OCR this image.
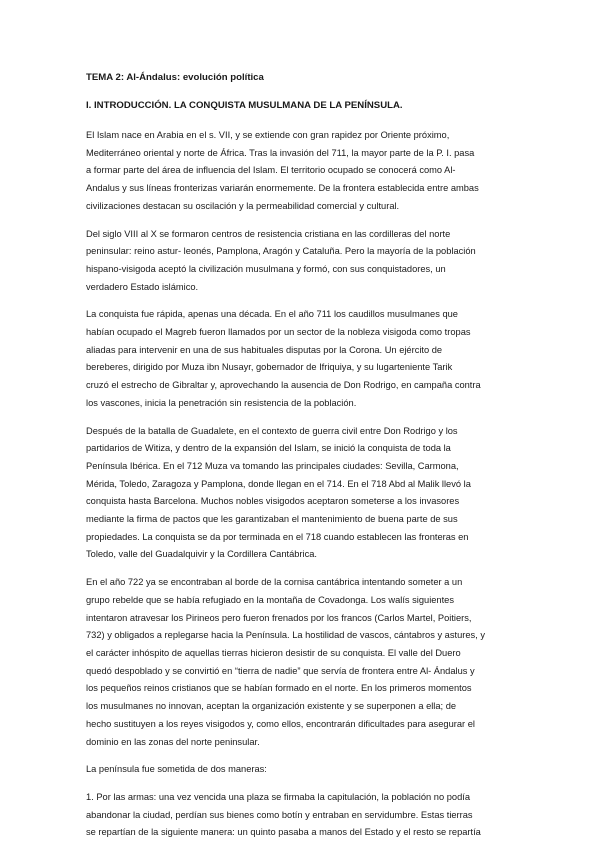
TEMA 2: Al-Ándalus: evolución política
I. INTRODUCCIÓN. LA CONQUISTA MUSULMANA DE LA PENÍNSULA.

El Islam nace en Arabia en el s. VII, y se extiende con gran rapidez por Oriente próximo,
Mediterráneo oriental y norte de África. Tras la invasión del 711, la mayor parte de la P. I. pasa
a formar parte del área de influencia del Islam. El territorio ocupado se conocerá como Al-
Andalus y sus líneas fronterizas variarán enormemente. De la frontera establecida entre ambas
civilizaciones destacan su oscilación y la permeabilidad comercial y cultural.

Del siglo VIII al X se formaron centros de resistencia cristiana en las cordilleras del norte
peninsular: reino astur- leonés, Pamplona, Aragón y Cataluña. Pero la mayoría de la población
hispano-visigoda aceptó la civilización musulmana y formó, con sus conquistadores, un
verdadero Estado islámico.

La conquista fue rápida, apenas una década. En el año 711 los caudillos musulmanes que
habían ocupado el Magreb fueron llamados por un sector de la nobleza visigoda como tropas
aliadas para intervenir en una de sus habituales disputas por la Corona. Un ejército de
bereberes, dirigido por Muza ibn Nusayr, gobernador de Ifriquiya, y su lugarteniente Tarik
cruzó el estrecho de Gibraltar y, aprovechando la ausencia de Don Rodrigo, en campaña contra
los vascones, inicia la penetración sin resistencia de la población.

Después de la batalla de Guadalete, en el contexto de guerra civil entre Don Rodrigo y los
partidarios de Witiza, y dentro de la expansión del Islam, se inició la conquista de toda la
Península Ibérica. En el 712 Muza va tomando las principales ciudades: Sevilla, Carmona,
Mérida, Toledo, Zaragoza y Pamplona, donde llegan en el 714. En el 718 Abd al Malik llevó la
conquista hasta Barcelona. Muchos nobles visigodos aceptaron someterse a los invasores
mediante la firma de pactos que les garantizaban el mantenimiento de buena parte de sus
propiedades. La conquista se da por terminada en el 718 cuando establecen las fronteras en
Toledo, valle del Guadalquivir y la Cordillera Cantábrica.

En el año 722 ya se encontraban al borde de la cornisa cantábrica intentando someter a un
grupo rebelde que se había refugiado en la montaña de Covadonga. Los walís siguientes
intentaron atravesar los Pirineos pero fueron frenados por los francos (Carlos Martel, Poitiers,
732) y obligados a replegarse hacia la Península. La hostilidad de vascos, cántabros y astures, y
el carácter inhóspito de aquellas tierras hicieron desistir de su conquista. El valle del Duero
quedó despoblado y se convirtió en “tierra de nadie” que servía de frontera entre Al- Ándalus y
los pequeños reinos cristianos que se habían formado en el norte. En los primeros momentos
los musulmanes no innovan, aceptan la organización existente y se superponen a ella; de
hecho sustituyen a los reyes visigodos y, como ellos, encontrarán dificultades para asegurar el
dominio en las zonas del norte peninsular.

La península fue sometida de dos maneras:

1. Por las armas: una vez vencida una plaza se firmaba la capitulación, la población no podía
abandonar la ciudad, perdían sus bienes como botín y entraban en servidumbre. Estas tierras
se repartían de la siguiente manera: un quinto pasaba a manos del Estado y el resto se repartía
